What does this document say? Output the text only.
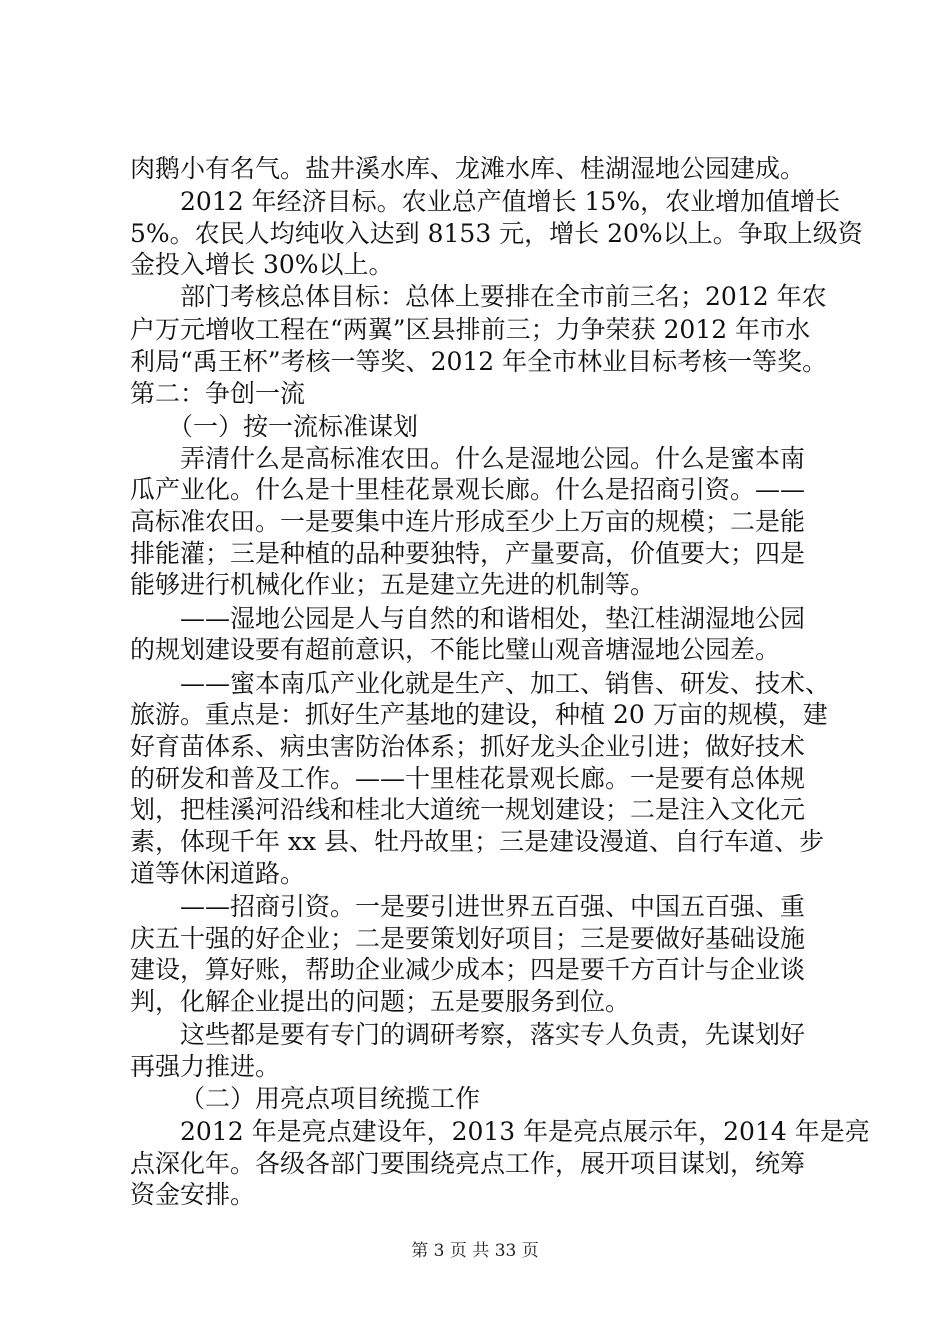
肉鹅小有名气。盐井溪水库、龙滩水库、桂湖湿地公园建成。
2012 年经济目标。农业总产值增长 15%，农业增加值增长
5%。农民人均纯收入达到 8153 元，增长 20%以上。争取上级资
金投入增长 30%以上。
部门考核总体目标：总体上要排在全市前三名；2012 年农
户万元增收工程在“两翼”区县排前三；力争荣获 2012 年市水
利局“禹王杯”考核一等奖、2012 年全市林业目标考核一等奖。
第二：争创一流
（一）按一流标准谋划
弄清什么是高标准农田。什么是湿地公园。什么是蜜本南
瓜产业化。什么是十里桂花景观长廊。什么是招商引资。——
高标准农田。一是要集中连片形成至少上万亩的规模；二是能
排能灌；三是种植的品种要独特，产量要高，价值要大；四是
能够进行机械化作业；五是建立先进的机制等。
——湿地公园是人与自然的和谐相处，垫江桂湖湿地公园
的规划建设要有超前意识，不能比璧山观音塘湿地公园差。
——蜜本南瓜产业化就是生产、加工、销售、研发、技术、
旅游。重点是：抓好生产基地的建设，种植 20 万亩的规模，建
好育苗体系、病虫害防治体系；抓好龙头企业引进；做好技术
的研发和普及工作。——十里桂花景观长廊。一是要有总体规
划，把桂溪河沿线和桂北大道统一规划建设；二是注入文化元
素，体现千年 xx 县、牡丹故里；三是建设漫道、自行车道、步
道等休闲道路。
——招商引资。一是要引进世界五百强、中国五百强、重
庆五十强的好企业；二是要策划好项目；三是要做好基础设施
建设，算好账，帮助企业减少成本；四是要千方百计与企业谈
判，化解企业提出的问题；五是要服务到位。
这些都是要有专门的调研考察，落实专人负责，先谋划好
再强力推进。
（二）用亮点项目统揽工作
2012 年是亮点建设年，2013 年是亮点展示年，2014 年是亮
点深化年。各级各部门要围绕亮点工作，展开项目谋划，统筹
资金安排。
第 3 页 共 33 页
